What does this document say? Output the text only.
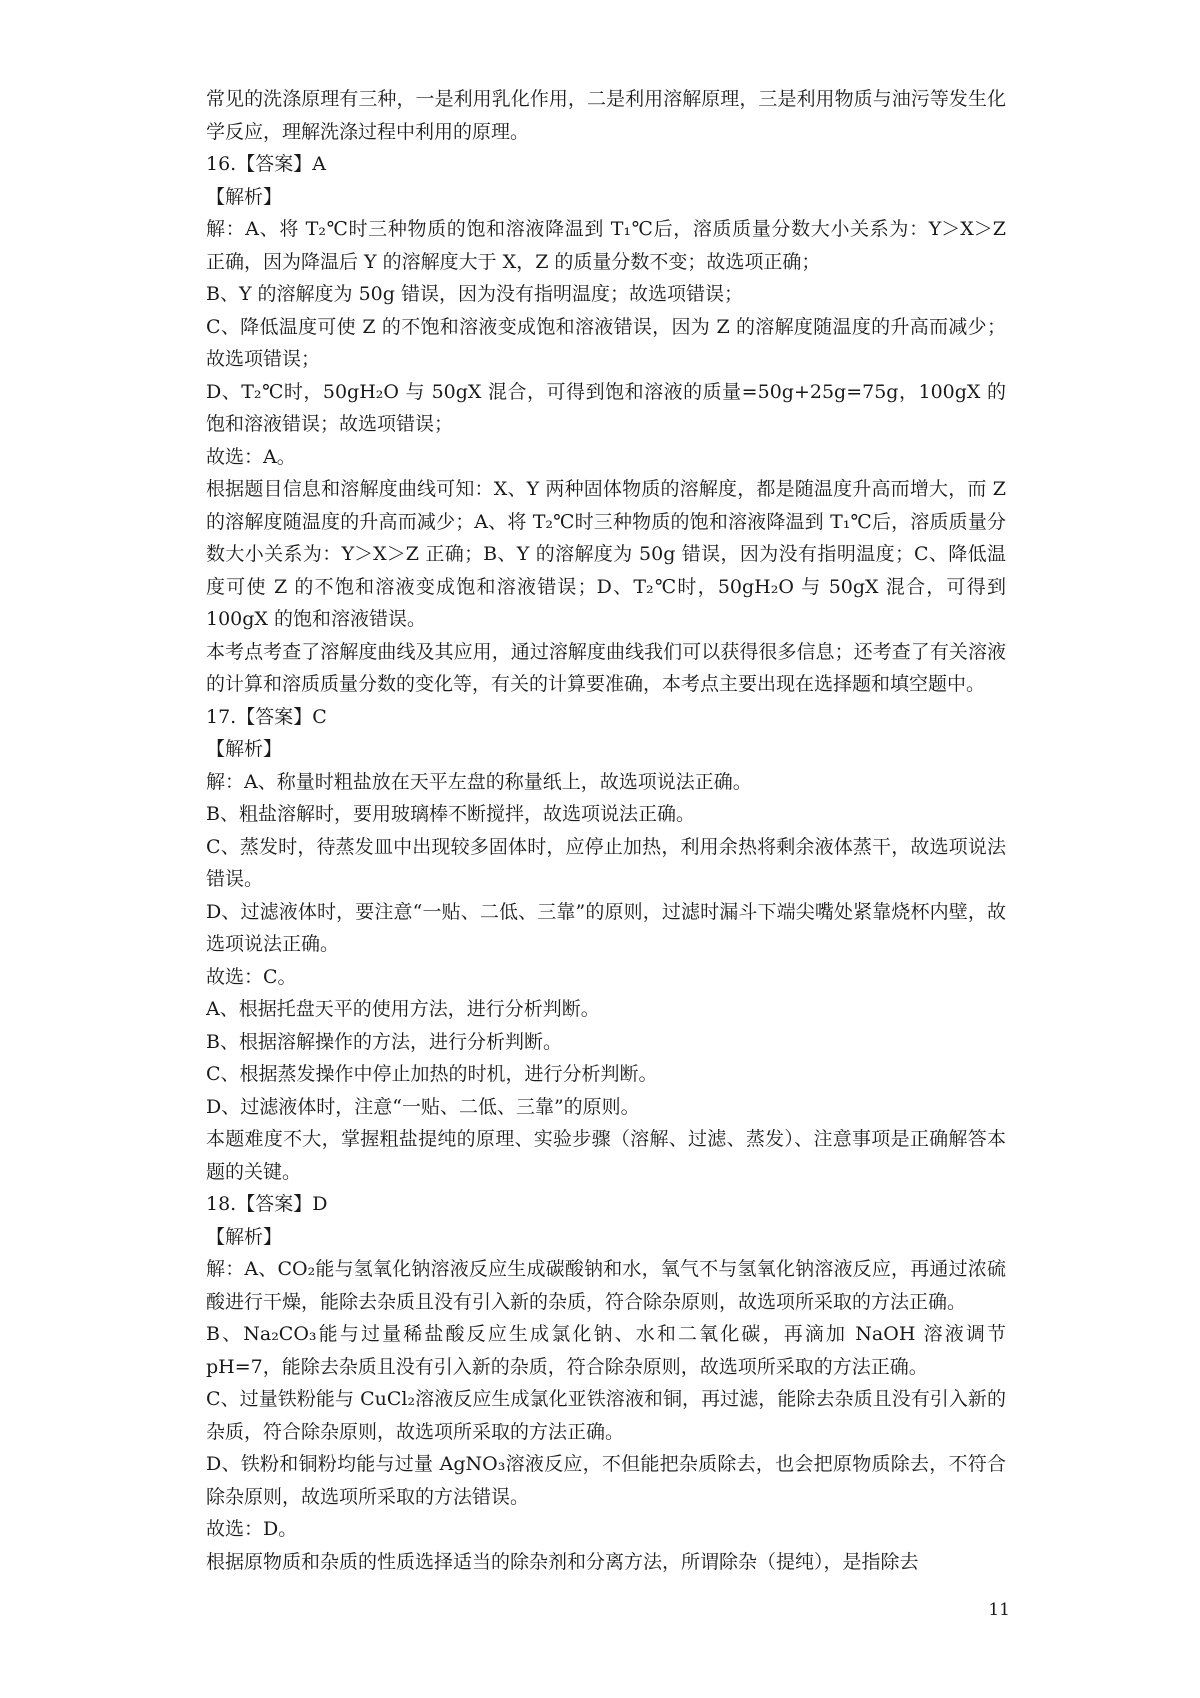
常见的洗涤原理有三种，一是利用乳化作用，二是利用溶解原理，三是利用物质与油污等发生化学反应，理解洗涤过程中利用的原理。

16.【答案】A

【解析】

解：A、将 T₂℃时三种物质的饱和溶液降温到 T₁℃后，溶质质量分数大小关系为：Y＞X＞Z 正确，因为降温后 Y 的溶解度大于 X，Z 的质量分数不变；故选项正确；

B、Y 的溶解度为 50g 错误，因为没有指明温度；故选项错误；

C、降低温度可使 Z 的不饱和溶液变成饱和溶液错误，因为 Z 的溶解度随温度的升高而减少；故选项错误；

D、T₂℃时，50gH₂O 与 50gX 混合，可得到饱和溶液的质量=50g+25g=75g，100gX 的饱和溶液错误；故选项错误；

故选：A。

根据题目信息和溶解度曲线可知：X、Y 两种固体物质的溶解度，都是随温度升高而增大，而 Z 的溶解度随温度的升高而减少；A、将 T₂℃时三种物质的饱和溶液降温到 T₁℃后，溶质质量分数大小关系为：Y＞X＞Z 正确；B、Y 的溶解度为 50g 错误，因为没有指明温度；C、降低温度可使 Z 的不饱和溶液变成饱和溶液错误；D、T₂℃时，50gH₂O 与 50gX 混合，可得到 100gX 的饱和溶液错误。

本考点考查了溶解度曲线及其应用，通过溶解度曲线我们可以获得很多信息；还考查了有关溶液的计算和溶质质量分数的变化等，有关的计算要准确，本考点主要出现在选择题和填空题中。

17.【答案】C

【解析】

解：A、称量时粗盐放在天平左盘的称量纸上，故选项说法正确。

B、粗盐溶解时，要用玻璃棒不断搅拌，故选项说法正确。

C、蒸发时，待蒸发皿中出现较多固体时，应停止加热，利用余热将剩余液体蒸干，故选项说法错误。

D、过滤液体时，要注意“一贴、二低、三靠”的原则，过滤时漏斗下端尖嘴处紧靠烧杯内壁，故选项说法正确。

故选：C。

A、根据托盘天平的使用方法，进行分析判断。

B、根据溶解操作的方法，进行分析判断。

C、根据蒸发操作中停止加热的时机，进行分析判断。

D、过滤液体时，注意“一贴、二低、三靠”的原则。

本题难度不大，掌握粗盐提纯的原理、实验步骤（溶解、过滤、蒸发）、注意事项是正确解答本题的关键。

18.【答案】D

【解析】

解：A、CO₂能与氢氧化钠溶液反应生成碳酸钠和水，氧气不与氢氧化钠溶液反应，再通过浓硫酸进行干燥，能除去杂质且没有引入新的杂质，符合除杂原则，故选项所采取的方法正确。

B、Na₂CO₃能与过量稀盐酸反应生成氯化钠、水和二氧化碳，再滴加 NaOH 溶液调节 pH=7，能除去杂质且没有引入新的杂质，符合除杂原则，故选项所采取的方法正确。

C、过量铁粉能与 CuCl₂溶液反应生成氯化亚铁溶液和铜，再过滤，能除去杂质且没有引入新的杂质，符合除杂原则，故选项所采取的方法正确。

D、铁粉和铜粉均能与过量 AgNO₃溶液反应，不但能把杂质除去，也会把原物质除去，不符合除杂原则，故选项所采取的方法错误。

故选：D。

根据原物质和杂质的性质选择适当的除杂剂和分离方法，所谓除杂（提纯），是指除去

11
